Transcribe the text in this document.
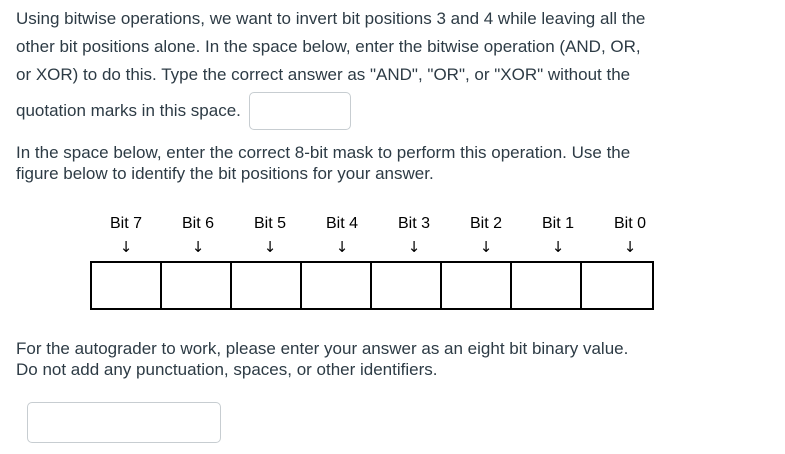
Using bitwise operations, we want to invert bit positions 3 and 4 while leaving all the
other bit positions alone. In the space below, enter the bitwise operation (AND, OR,
or XOR) to do this. Type the correct answer as "AND", "OR", or "XOR" without the
quotation marks in this space.
In the space below, enter the correct 8-bit mask to perform this operation. Use the
figure below to identify the bit positions for your answer.
Bit 7
↓
Bit 6
↓
Bit 5
↓
Bit 4
↓
Bit 3
↓
Bit 2
↓
Bit 1
↓
Bit 0
↓
For the autograder to work, please enter your answer as an eight bit binary value.
Do not add any punctuation, spaces, or other identifiers.
